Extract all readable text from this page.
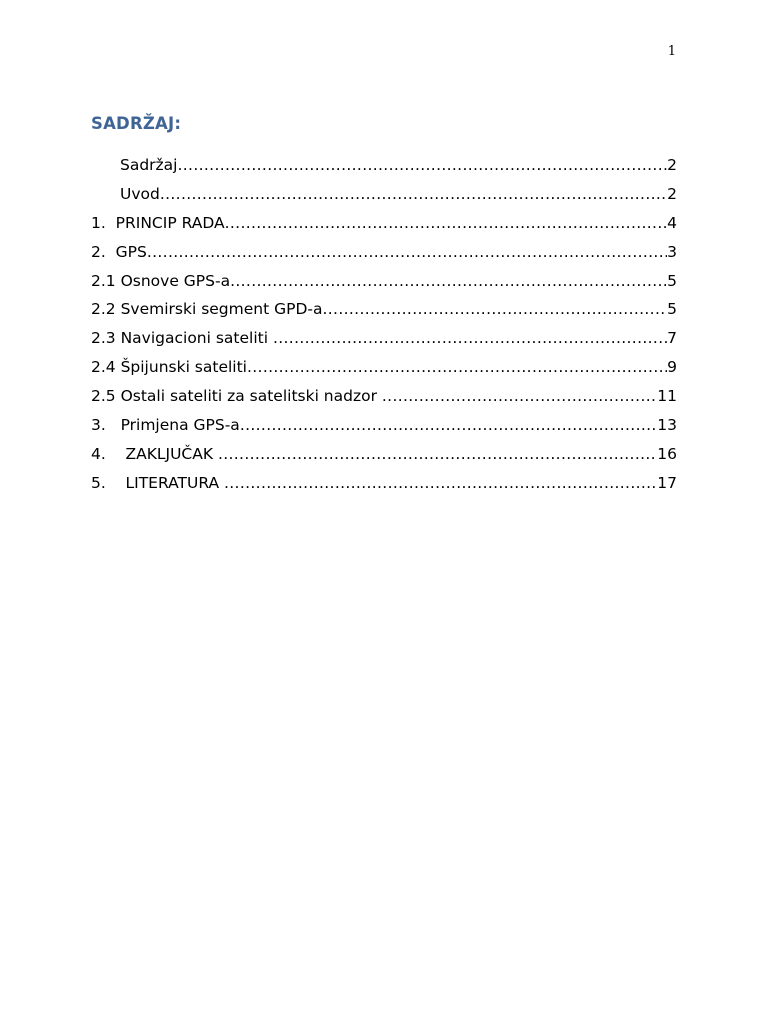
1
SADRŽAJ:
Sadržaj .....	2
Uvod .....	2
1.  PRINCIP RADA .....	4
2.  GPS .....	3
2.1 Osnove GPS-a .....	5
2.2 Svemirski segment GPD-a .....	5
2.3 Navigacioni sateliti .....	7
2.4 Špijunski sateliti .....	9
2.5 Ostali sateliti za satelitski nadzor .....	11
3.   Primjena GPS-a .....	13
4.    ZAKLJUČAK .....	16
5.    LITERATURA .....	17
